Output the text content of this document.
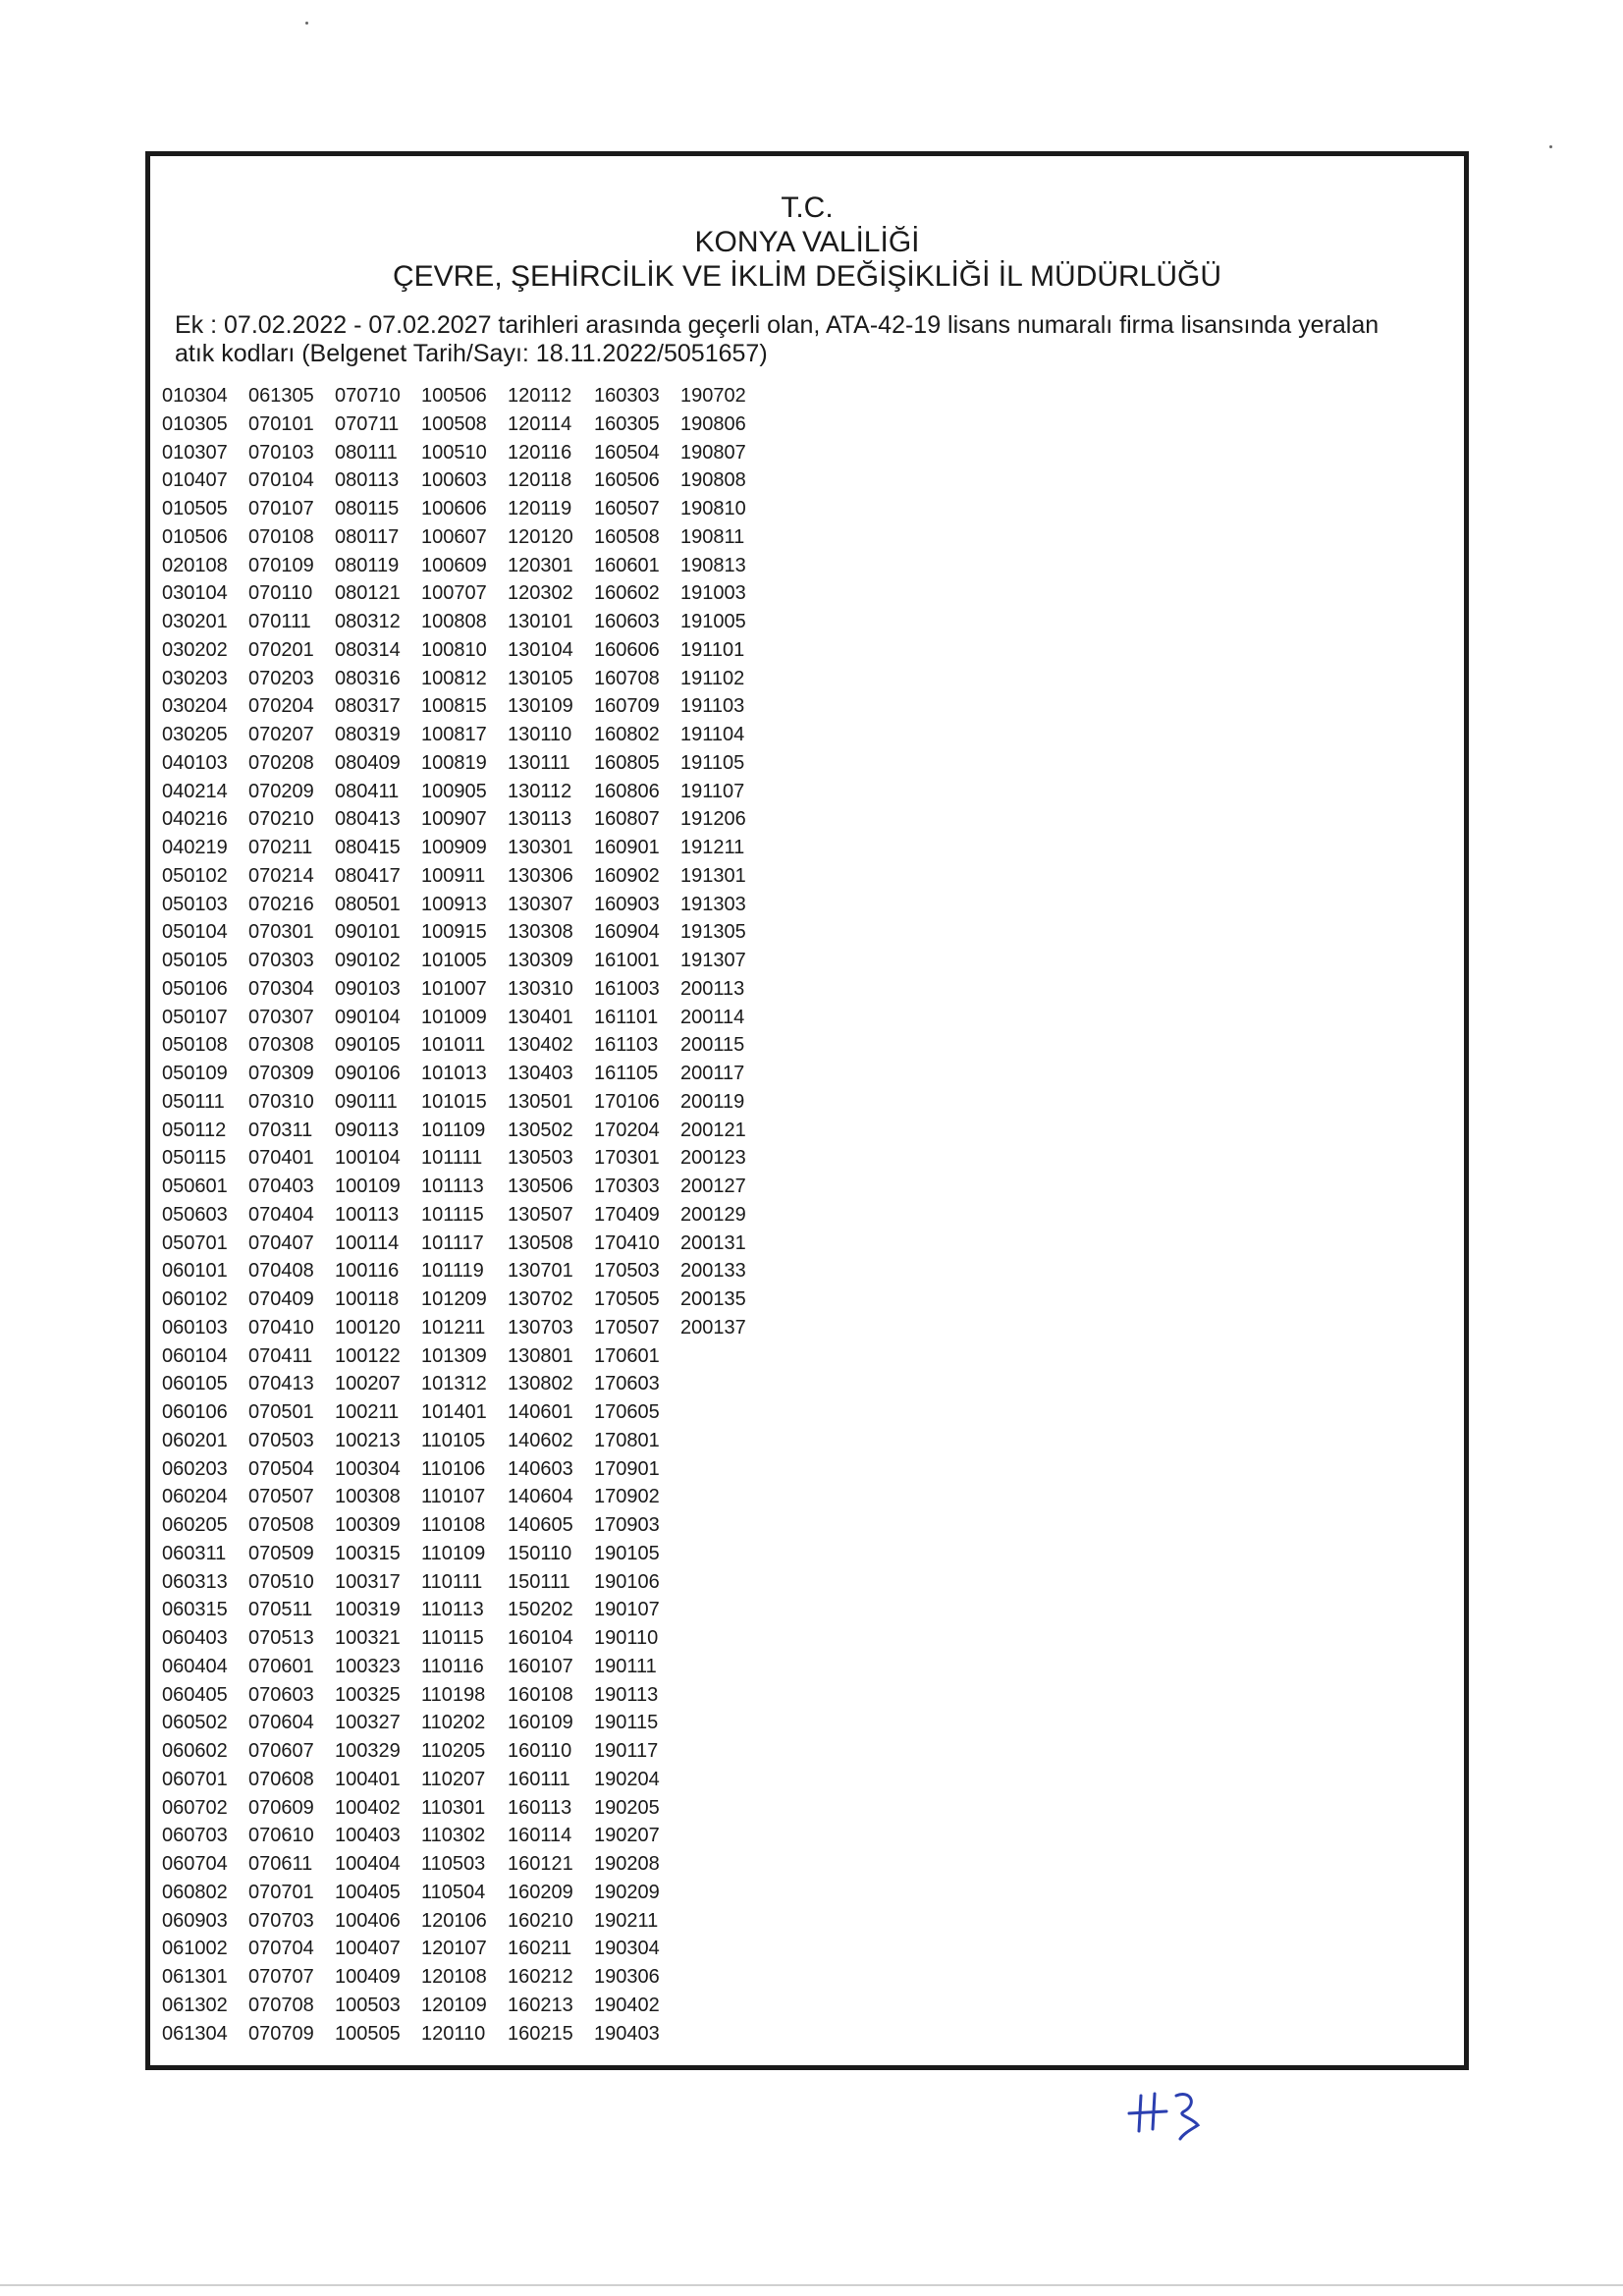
T.C.
KONYA VALİLİĞİ
ÇEVRE, ŞEHİRCİLİK VE İKLİM DEĞİŞİKLİĞİ İL MÜDÜRLÜĞÜ
Ek : 07.02.2022 - 07.02.2027 tarihleri arasında geçerli olan, ATA-42-19 lisans numaralı firma lisansında yeralan
atık kodları (Belgenet Tarih/Sayı: 18.11.2022/5051657)
010304
010305
010307
010407
010505
010506
020108
030104
030201
030202
030203
030204
030205
040103
040214
040216
040219
050102
050103
050104
050105
050106
050107
050108
050109
050111
050112
050115
050601
050603
050701
060101
060102
060103
060104
060105
060106
060201
060203
060204
060205
060311
060313
060315
060403
060404
060405
060502
060602
060701
060702
060703
060704
060802
060903
061002
061301
061302
061304
061305
070101
070103
070104
070107
070108
070109
070110
070111
070201
070203
070204
070207
070208
070209
070210
070211
070214
070216
070301
070303
070304
070307
070308
070309
070310
070311
070401
070403
070404
070407
070408
070409
070410
070411
070413
070501
070503
070504
070507
070508
070509
070510
070511
070513
070601
070603
070604
070607
070608
070609
070610
070611
070701
070703
070704
070707
070708
070709
070710
070711
080111
080113
080115
080117
080119
080121
080312
080314
080316
080317
080319
080409
080411
080413
080415
080417
080501
090101
090102
090103
090104
090105
090106
090111
090113
100104
100109
100113
100114
100116
100118
100120
100122
100207
100211
100213
100304
100308
100309
100315
100317
100319
100321
100323
100325
100327
100329
100401
100402
100403
100404
100405
100406
100407
100409
100503
100505
100506
100508
100510
100603
100606
100607
100609
100707
100808
100810
100812
100815
100817
100819
100905
100907
100909
100911
100913
100915
101005
101007
101009
101011
101013
101015
101109
101111
101113
101115
101117
101119
101209
101211
101309
101312
101401
110105
110106
110107
110108
110109
110111
110113
110115
110116
110198
110202
110205
110207
110301
110302
110503
110504
120106
120107
120108
120109
120110
120112
120114
120116
120118
120119
120120
120301
120302
130101
130104
130105
130109
130110
130111
130112
130113
130301
130306
130307
130308
130309
130310
130401
130402
130403
130501
130502
130503
130506
130507
130508
130701
130702
130703
130801
130802
140601
140602
140603
140604
140605
150110
150111
150202
160104
160107
160108
160109
160110
160111
160113
160114
160121
160209
160210
160211
160212
160213
160215
160303
160305
160504
160506
160507
160508
160601
160602
160603
160606
160708
160709
160802
160805
160806
160807
160901
160902
160903
160904
161001
161003
161101
161103
161105
170106
170204
170301
170303
170409
170410
170503
170505
170507
170601
170603
170605
170801
170901
170902
170903
190105
190106
190107
190110
190111
190113
190115
190117
190204
190205
190207
190208
190209
190211
190304
190306
190402
190403
190702
190806
190807
190808
190810
190811
190813
191003
191005
191101
191102
191103
191104
191105
191107
191206
191211
191301
191303
191305
191307
200113
200114
200115
200117
200119
200121
200123
200127
200129
200131
200133
200135
200137
